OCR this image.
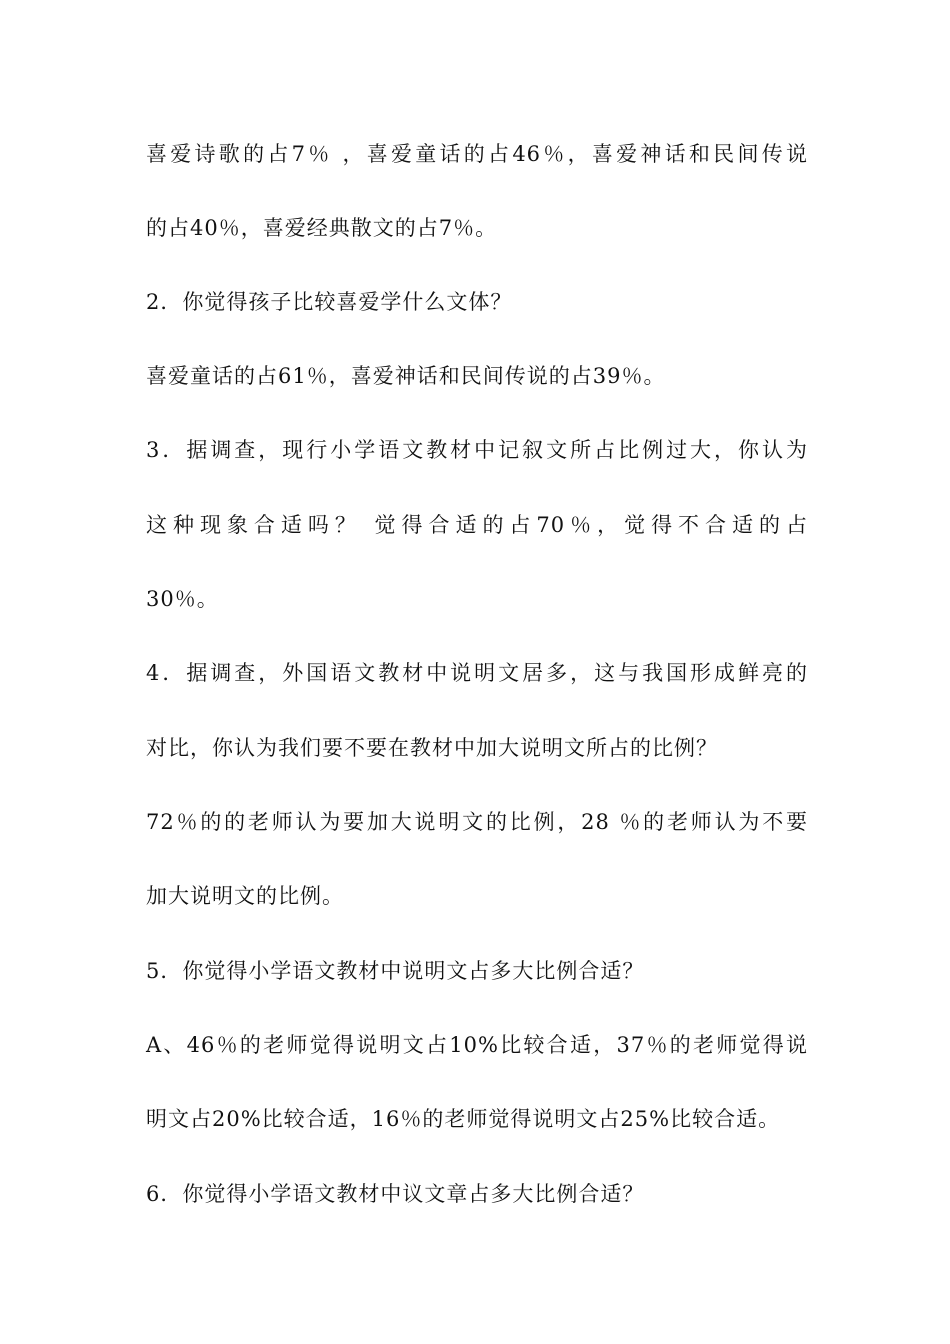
喜爱诗歌的占7％ ，喜爱童话的占46％，喜爱神话和民间传说
的占40％，喜爱经典散文的占7％。
2．你觉得孩子比较喜爱学什么文体？
喜爱童话的占61％，喜爱神话和民间传说的占39％。
3．据调查，现行小学语文教材中记叙文所占比例过大，你认为
这种现象合适吗？ 觉得合适的占70％，觉得不合适的占
30％。
4．据调查，外国语文教材中说明文居多，这与我国形成鲜亮的
对比，你认为我们要不要在教材中加大说明文所占的比例？
72％的的老师认为要加大说明文的比例，28 ％的老师认为不要
加大说明文的比例。
5．你觉得小学语文教材中说明文占多大比例合适？
A、46％的老师觉得说明文占10%比较合适，37％的老师觉得说
明文占20%比较合适，16％的老师觉得说明文占25%比较合适。
6．你觉得小学语文教材中议文章占多大比例合适？
